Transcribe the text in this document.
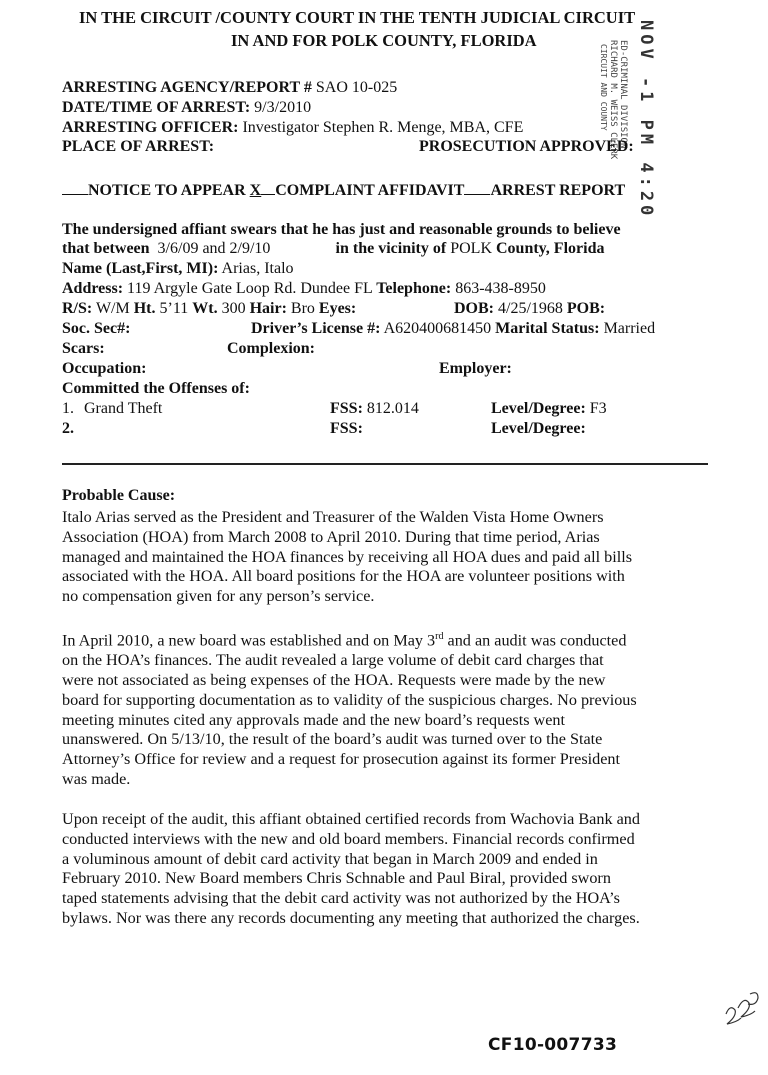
IN THE CIRCUIT /COUNTY COURT IN THE TENTH JUDICIAL CIRCUIT
IN AND FOR POLK COUNTY, FLORIDA	ED-CRIMINAL DIVISION
RICHARD M. WEISS CLERK
CIRCUIT AND COUNTY NOV -1 PM 4:20
ARRESTING AGENCY/REPORT # SAO 10-025
DATE/TIME OF ARREST: 9/3/2010
ARRESTING OFFICER: Investigator Stephen R. Menge, MBA, CFE
PLACE OF ARREST:	PROSECUTION APPROVED:
NOTICE TO APPEAR X COMPLAINT AFFIDAVIT ARREST REPORT
The undersigned affiant swears that he has just and reasonable grounds to believe
that between 3/6/09 and 2/9/10	in the vicinity of POLK County, Florida
Name (Last,First, MI): Arias, Italo
Address: 119 Argyle Gate Loop Rd. Dundee FL Telephone: 863-438-8950
R/S: W/M Ht. 5’11 Wt. 300 Hair: Bro Eyes:	DOB: 4/25/1968 POB:
Soc. Sec#:	Driver’s License #: A620400681450 Marital Status: Married
Scars:	Complexion:
Occupation:	Employer:
Committed the Offenses of:
1. Grand Theft	FSS: 812.014	Level/Degree: F3
2.	FSS:	Level/Degree:
Probable Cause:
Italo Arias served as the President and Treasurer of the Walden Vista Home Owners
Association (HOA) from March 2008 to April 2010. During that time period, Arias
managed and maintained the HOA finances by receiving all HOA dues and paid all bills
associated with the HOA. All board positions for the HOA are volunteer positions with
no compensation given for any person’s service.
In April 2010, a new board was established and on May 3rd and an audit was conducted
on the HOA’s finances. The audit revealed a large volume of debit card charges that
were not associated as being expenses of the HOA. Requests were made by the new
board for supporting documentation as to validity of the suspicious charges. No previous
meeting minutes cited any approvals made and the new board’s requests went
unanswered. On 5/13/10, the result of the board’s audit was turned over to the State
Attorney’s Office for review and a request for prosecution against its former President
was made.
Upon receipt of the audit, this affiant obtained certified records from Wachovia Bank and
conducted interviews with the new and old board members. Financial records confirmed
a voluminous amount of debit card activity that began in March 2009 and ended in
February 2010. New Board members Chris Schnable and Paul Biral, provided sworn
taped statements advising that the debit card activity was not authorized by the HOA’s
bylaws. Nor was there any records documenting any meeting that authorized the charges.
CF10-007733
